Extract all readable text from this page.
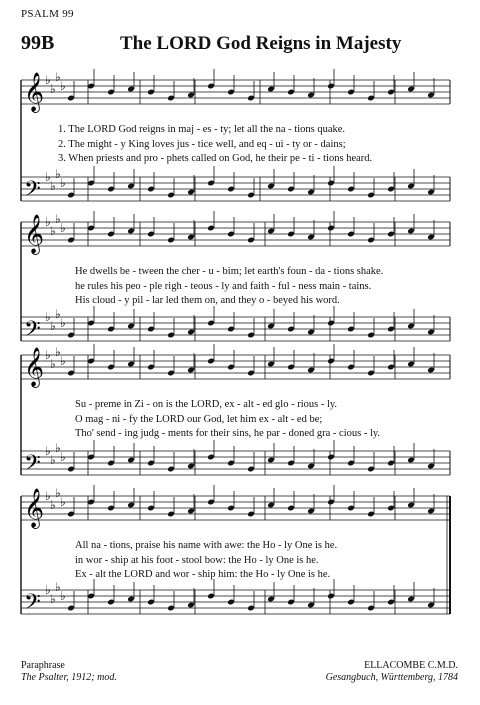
PSALM 99
99B	The LORD God Reigns in Majesty
𝄞 ♭
♭
♭
♭
𝄢 ♭
♭
♭
♭
𝄞 ♭
♭
♭
♭
𝄢 ♭
♭
♭
♭
𝄞 ♭
♭
♭
♭
𝄢 ♭
♭
♭
♭
𝄞 ♭
♭
♭
♭
𝄢 ♭
♭
♭
♭
1. The LORD God reigns in maj - es - ty; let all the na - tions quake.
2. The might - y King loves jus - tice well, and eq - ui - ty or - dains;
3. When priests and pro - phets called on God, he their pe - ti - tions heard.
He dwells be - tween the cher - u - bim; let earth's foun - da - tions shake.
he rules his peo - ple righ - teous - ly and faith - ful - ness main - tains.
His cloud - y pil - lar led them on, and they o - beyed his word.
Su - preme in Zi - on is the LORD, ex - alt - ed glo - rious - ly.
O mag - ni - fy the LORD our God, let him ex - alt - ed be;
Tho' send - ing judg - ments for their sins, he par - doned gra - cious - ly.
All na - tions, praise his name with awe: the Ho - ly One is he.
in wor - ship at his foot - stool bow: the Ho - ly One is he.
Ex - alt the LORD and wor - ship him: the Ho - ly One is he.
Paraphrase
The Psalter, 1912; mod.
ELLACOMBE C.M.D.
Gesangbuch, Württemberg, 1784
